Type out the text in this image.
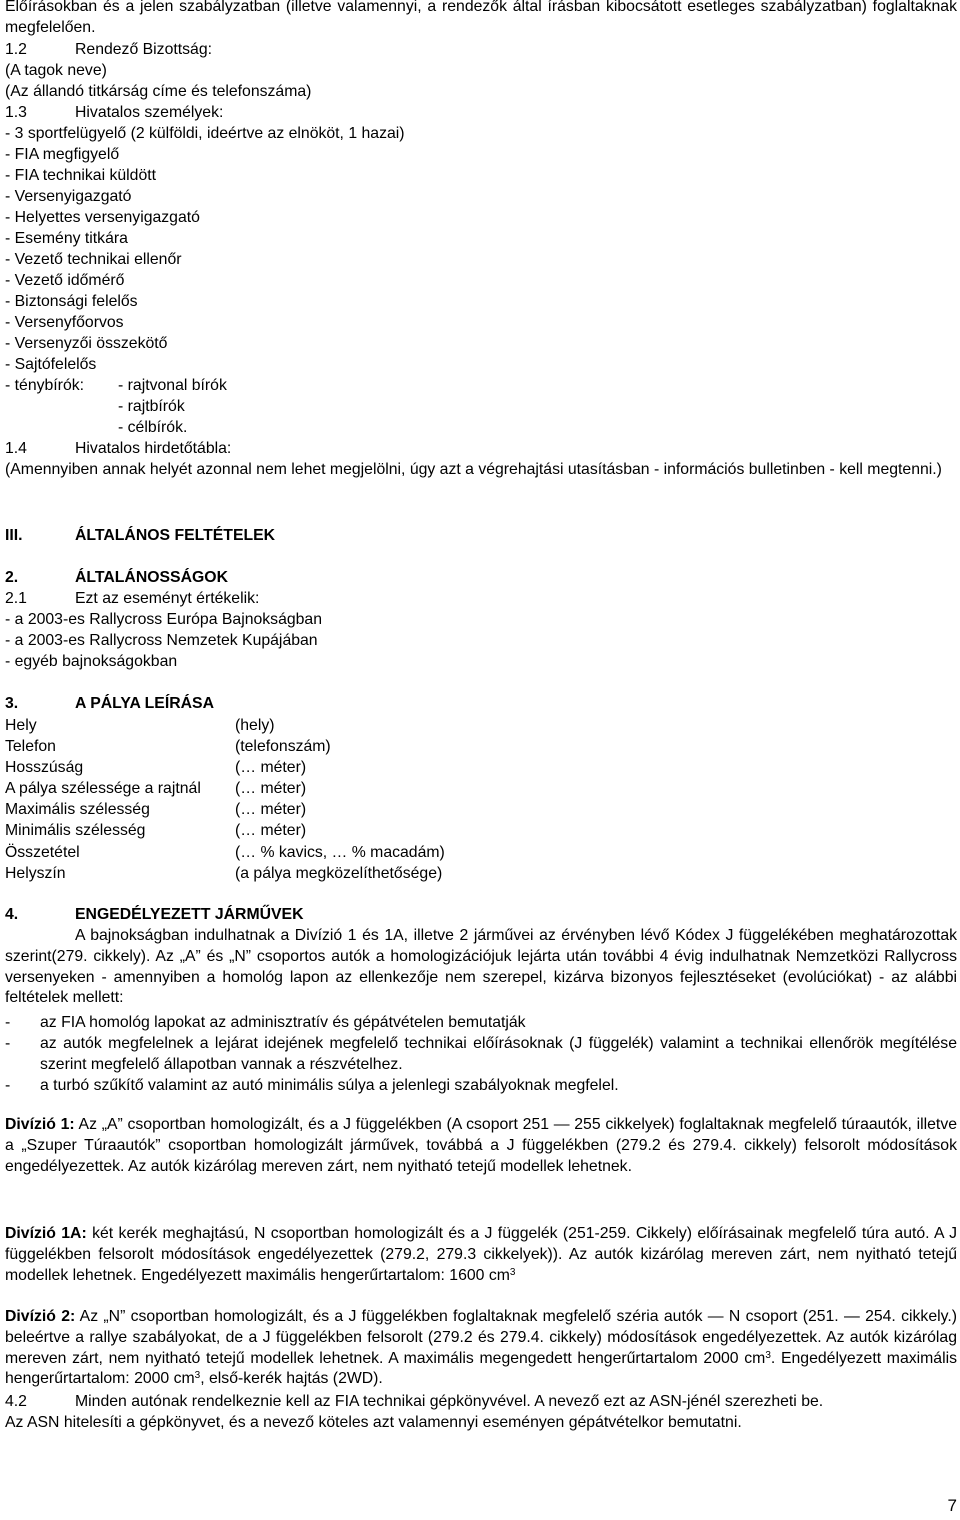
Előírásokban és a jelen szabályzatban (illetve valamennyi, a rendezők által írásban kibocsátott esetleges szabályzatban) foglaltaknak megfelelően.
1.2	Rendező Bizottság:
(A tagok neve)
(Az állandó titkárság címe és telefonszáma)
1.3	Hivatalos személyek:
- 3 sportfelügyelő (2 külföldi, ideértve az elnököt, 1 hazai)
- FIA megfigyelő
- FIA technikai küldött
- Versenyigazgató
- Helyettes versenyigazgató
- Esemény titkára
- Vezető technikai ellenőr
- Vezető időmérő
- Biztonsági felelős
- Versenyfőorvos
- Versenyzői összekötő
- Sajtófelelős
- ténybírók: - rajtvonal bírók
- rajtbírók
- célbírók.
1.4	Hivatalos hirdetőtábla:
(Amennyiben annak helyét azonnal nem lehet megjelölni, úgy azt a végrehajtási utasításban - információs bulletinben - kell megtenni.)
III.	ÁLTALÁNOS FELTÉTELEK
2.	ÁLTALÁNOSSÁGOK
2.1	Ezt az eseményt értékelik:
- a 2003-es Rallycross Európa Bajnokságban
- a 2003-es Rallycross Nemzetek Kupájában
- egyéb bajnokságokban
3.	A PÁLYA LEÍRÁSA
Hely	(hely)
Telefon	(telefonszám)
Hosszúság	(… méter)
A pálya szélessége a rajtnál (… méter)
Maximális szélesség	(… méter)
Minimális szélesség	(… méter)
Összetétel	(… % kavics, … % macadám)
Helyszín	(a pálya megközelíthetősége)
4.	ENGEDÉLYEZETT JÁRMŰVEK
A bajnokságban indulhatnak a Divízió 1 és 1A, illetve 2 járművei az érvényben lévő Kódex J függelékében meghatározottak szerint(279. cikkely). Az „A” és „N” csoportos autók a homologizációjuk lejárta után további 4 évig indulhatnak Nemzetközi Rallycross versenyeken - amennyiben a homológ lapon az ellenkezője nem szerepel, kizárva bizonyos fejlesztéseket (evolúciókat) - az alábbi feltételek mellett:
- az FIA homológ lapokat az adminisztratív és gépátvételen bemutatják
- az autók megfelelnek a lejárat idejének megfelelő technikai előírásoknak (J függelék) valamint a technikai ellenőrök megítélése szerint megfelelő állapotban vannak a részvételhez.
- a turbó szűkítő valamint az autó minimális súlya a jelenlegi szabályoknak megfelel.
Divízió 1: Az „A” csoportban homologizált, és a J függelékben (A csoport 251 — 255 cikkelyek) foglaltaknak megfelelő túraautók, illetve a „Szuper Túraautók” csoportban homologizált járművek, továbbá a J függelékben (279.2 és 279.4. cikkely) felsorolt módosítások engedélyezettek. Az autók kizárólag mereven zárt, nem nyitható tetejű modellek lehetnek.
Divízió 1A: két kerék meghajtású, N csoportban homologizált és a J függelék (251-259. Cikkely) előírásainak megfelelő túra autó. A J függelékben felsorolt módosítások engedélyezettek (279.2, 279.3 cikkelyek)). Az autók kizárólag mereven zárt, nem nyitható tetejű modellek lehetnek. Engedélyezett maximális hengerűrtartalom: 1600 $cm^3$
Divízió 2: Az „N” csoportban homologizált, és a J függelékben foglaltaknak megfelelő széria autók — N csoport (251. — 254. cikkely.) beleértve a rallye szabályokat, de a J függelékben felsorolt (279.2 és 279.4. cikkely) módosítások engedélyezettek. Az autók kizárólag mereven zárt, nem nyitható tetejű modellek lehetnek. A maximális megengedett hengerűrtartalom 2000 $cm^3$. Engedélyezett maximális hengerűrtartalom: 2000 $cm^3$, első-kerék hajtás (2WD).
4.2	Minden autónak rendelkeznie kell az FIA technikai gépkönyvével. A nevező ezt az ASN-jénél szerezheti be.
Az ASN hitelesíti a gépkönyvet, és a nevező köteles azt valamennyi eseményen gépátvételkor bemutatni.
7
